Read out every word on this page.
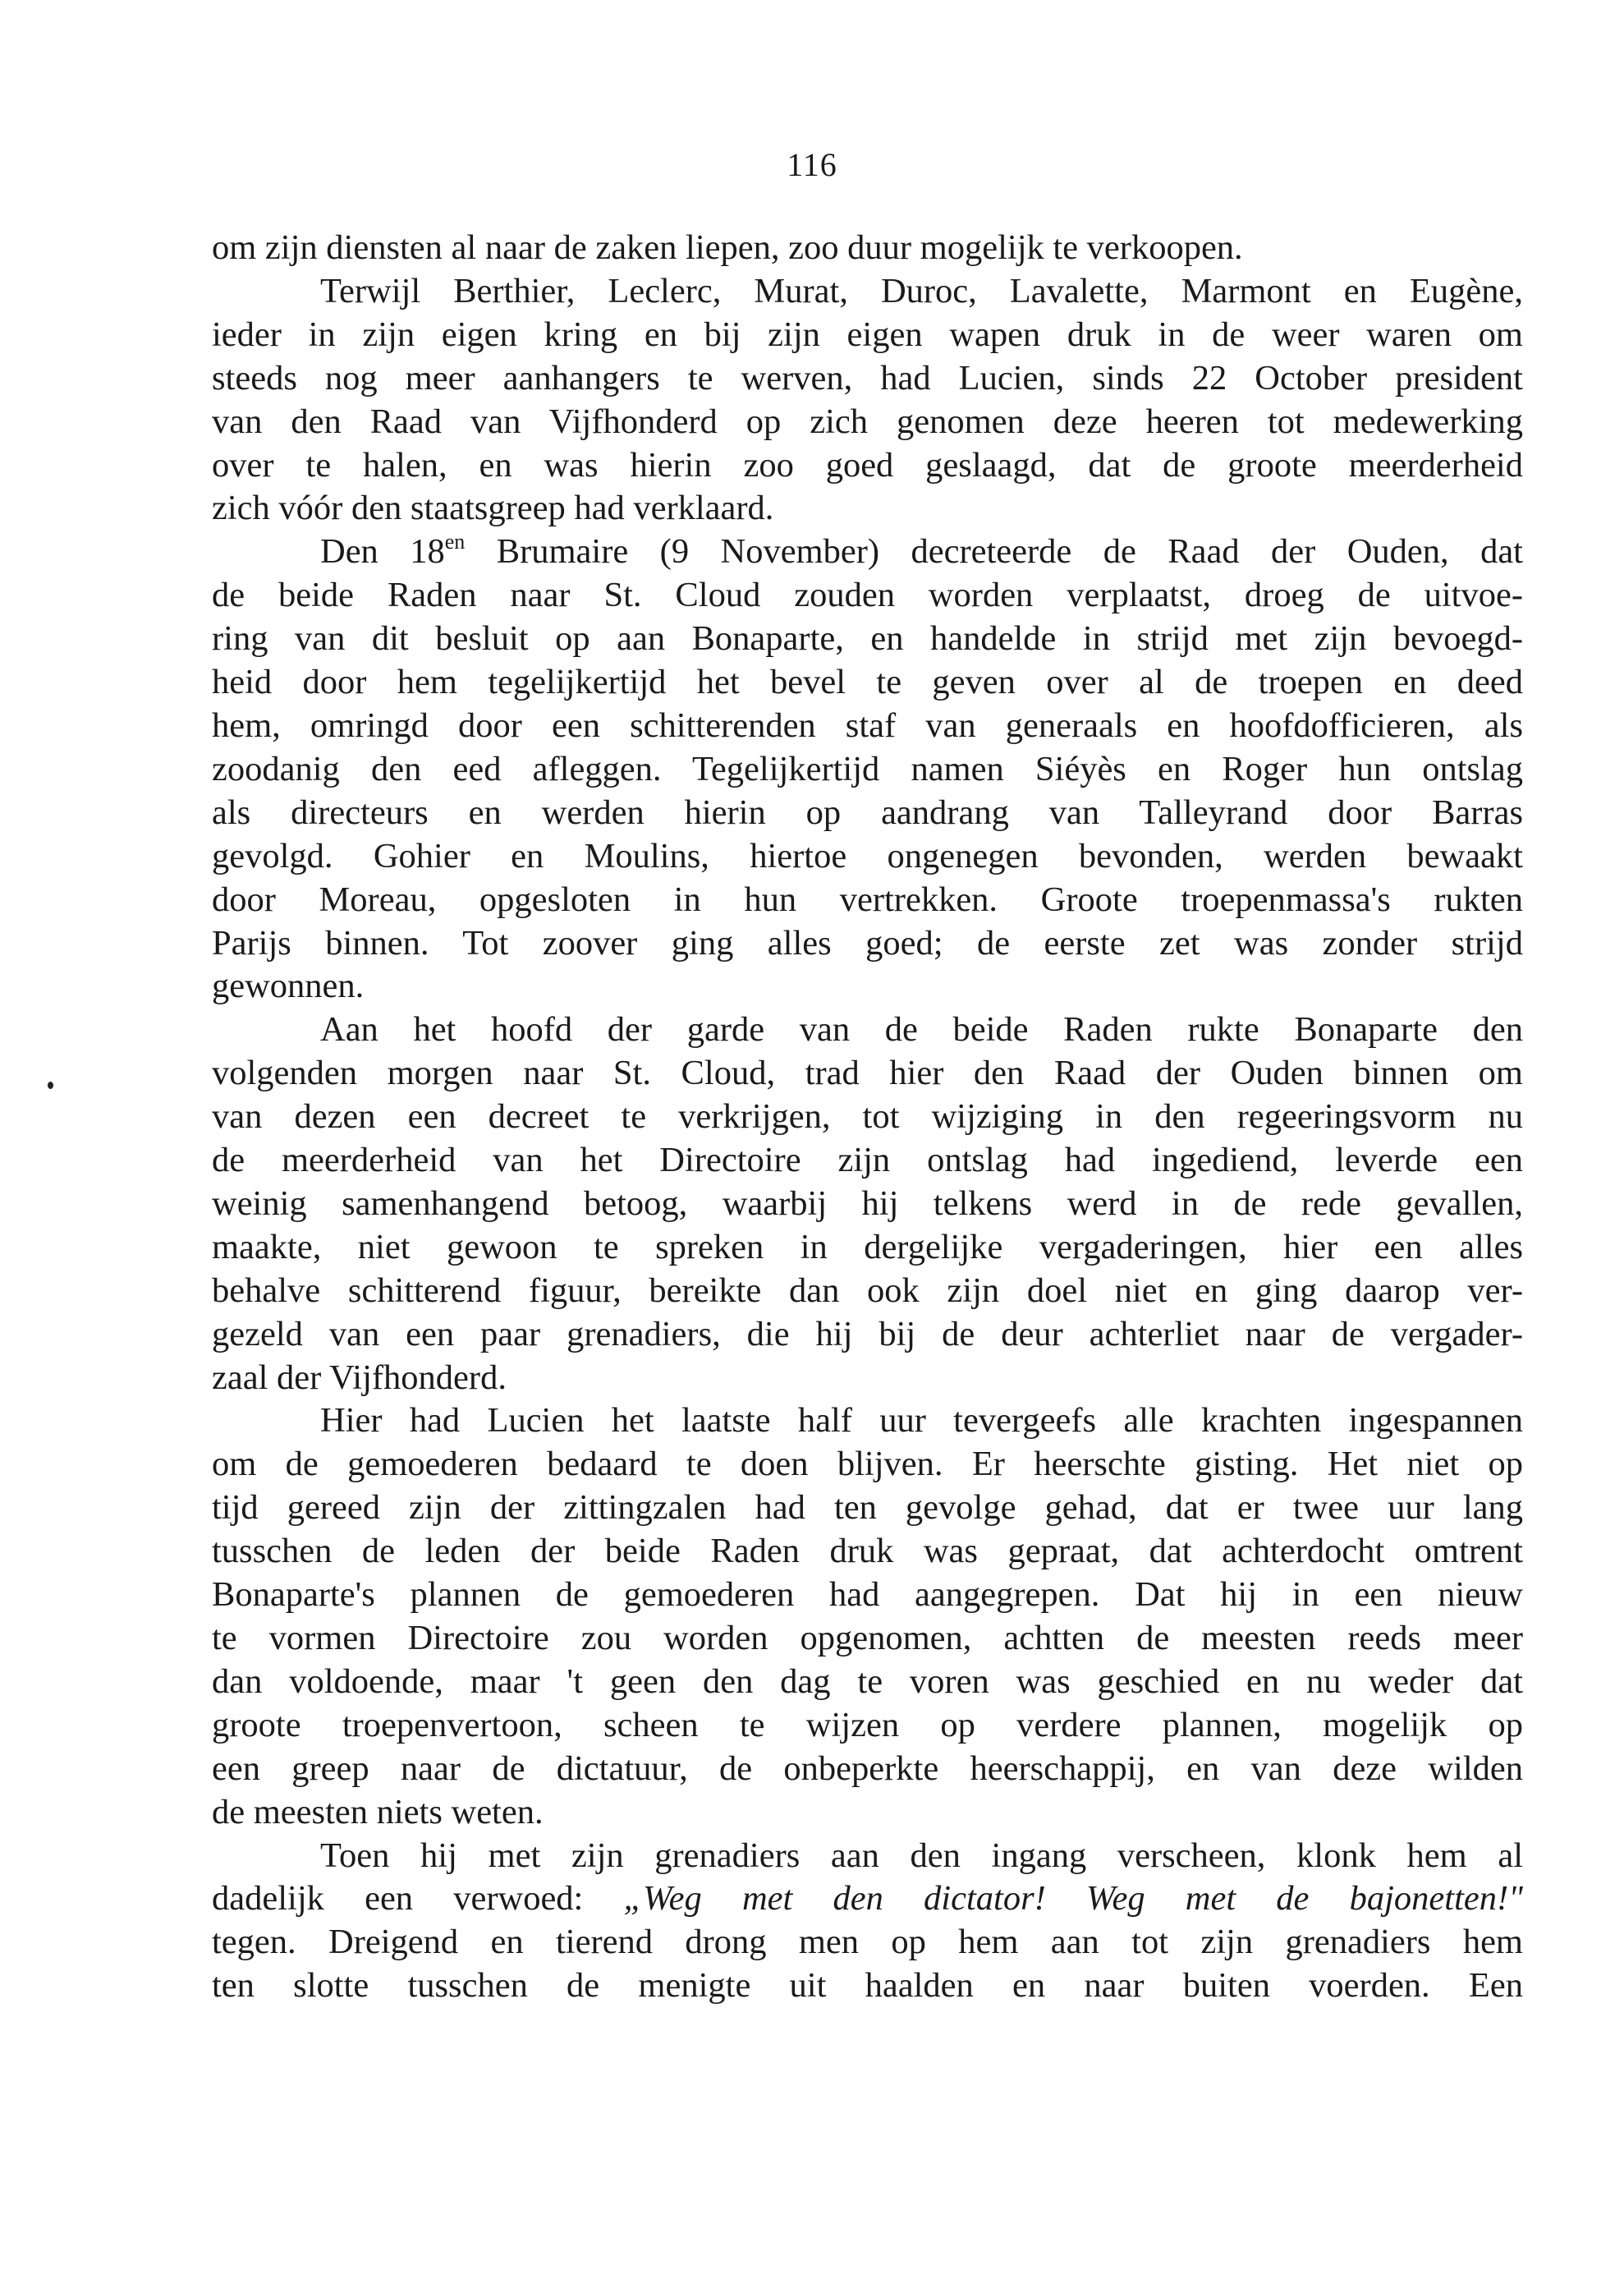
116

om zijn diensten al naar de zaken liepen, zoo duur mogelijk te verkoopen.

Terwijl Berthier, Leclerc, Murat, Duroc, Lavalette, Marmont en Eugène,
ieder in zijn eigen kring en bij zijn eigen wapen druk in de weer waren om
steeds nog meer aanhangers te werven, had Lucien, sinds 22 October president
van den Raad van Vijfhonderd op zich genomen deze heeren tot medewerking
over te halen, en was hierin zoo goed geslaagd, dat de groote meerderheid
zich vóór den staatsgreep had verklaard.

Den $18^{en}$ Brumaire (9 November) decreteerde de Raad der Ouden, dat
de beide Raden naar St. Cloud zouden worden verplaatst, droeg de uitvoe-
ring van dit besluit op aan Bonaparte, en handelde in strijd met zijn bevoegd-
heid door hem tegelijkertijd het bevel te geven over al de troepen en deed
hem, omringd door een schitterenden staf van generaals en hoofdofficieren, als
zoodanig den eed afleggen. Tegelijkertijd namen Siéyès en Roger hun ontslag
als directeurs en werden hierin op aandrang van Talleyrand door Barras
gevolgd. Gohier en Moulins, hiertoe ongenegen bevonden, werden bewaakt
door Moreau, opgesloten in hun vertrekken. Groote troepenmassa's rukten
Parijs binnen. Tot zoover ging alles goed; de eerste zet was zonder strijd
gewonnen.

Aan het hoofd der garde van de beide Raden rukte Bonaparte den
volgenden morgen naar St. Cloud, trad hier den Raad der Ouden binnen om
van dezen een decreet te verkrijgen, tot wijziging in den regeeringsvorm nu
de meerderheid van het Directoire zijn ontslag had ingediend, leverde een
weinig samenhangend betoog, waarbij hij telkens werd in de rede gevallen,
maakte, niet gewoon te spreken in dergelijke vergaderingen, hier een alles
behalve schitterend figuur, bereikte dan ook zijn doel niet en ging daarop ver-
gezeld van een paar grenadiers, die hij bij de deur achterliet naar de vergader-
zaal der Vijfhonderd.

Hier had Lucien het laatste half uur tevergeefs alle krachten ingespannen
om de gemoederen bedaard te doen blijven. Er heerschte gisting. Het niet op
tijd gereed zijn der zittingzalen had ten gevolge gehad, dat er twee uur lang
tusschen de leden der beide Raden druk was gepraat, dat achterdocht omtrent
Bonaparte's plannen de gemoederen had aangegrepen. Dat hij in een nieuw
te vormen Directoire zou worden opgenomen, achtten de meesten reeds meer
dan voldoende, maar 't geen den dag te voren was geschied en nu weder dat
groote troepenvertoon, scheen te wijzen op verdere plannen, mogelijk op
een greep naar de dictatuur, de onbeperkte heerschappij, en van deze wilden
de meesten niets weten.

Toen hij met zijn grenadiers aan den ingang verscheen, klonk hem al
dadelijk een verwoed: „Weg met den dictator! Weg met de bajonetten!"
tegen. Dreigend en tierend drong men op hem aan tot zijn grenadiers hem
ten slotte tusschen de menigte uit haalden en naar buiten voerden. Een
